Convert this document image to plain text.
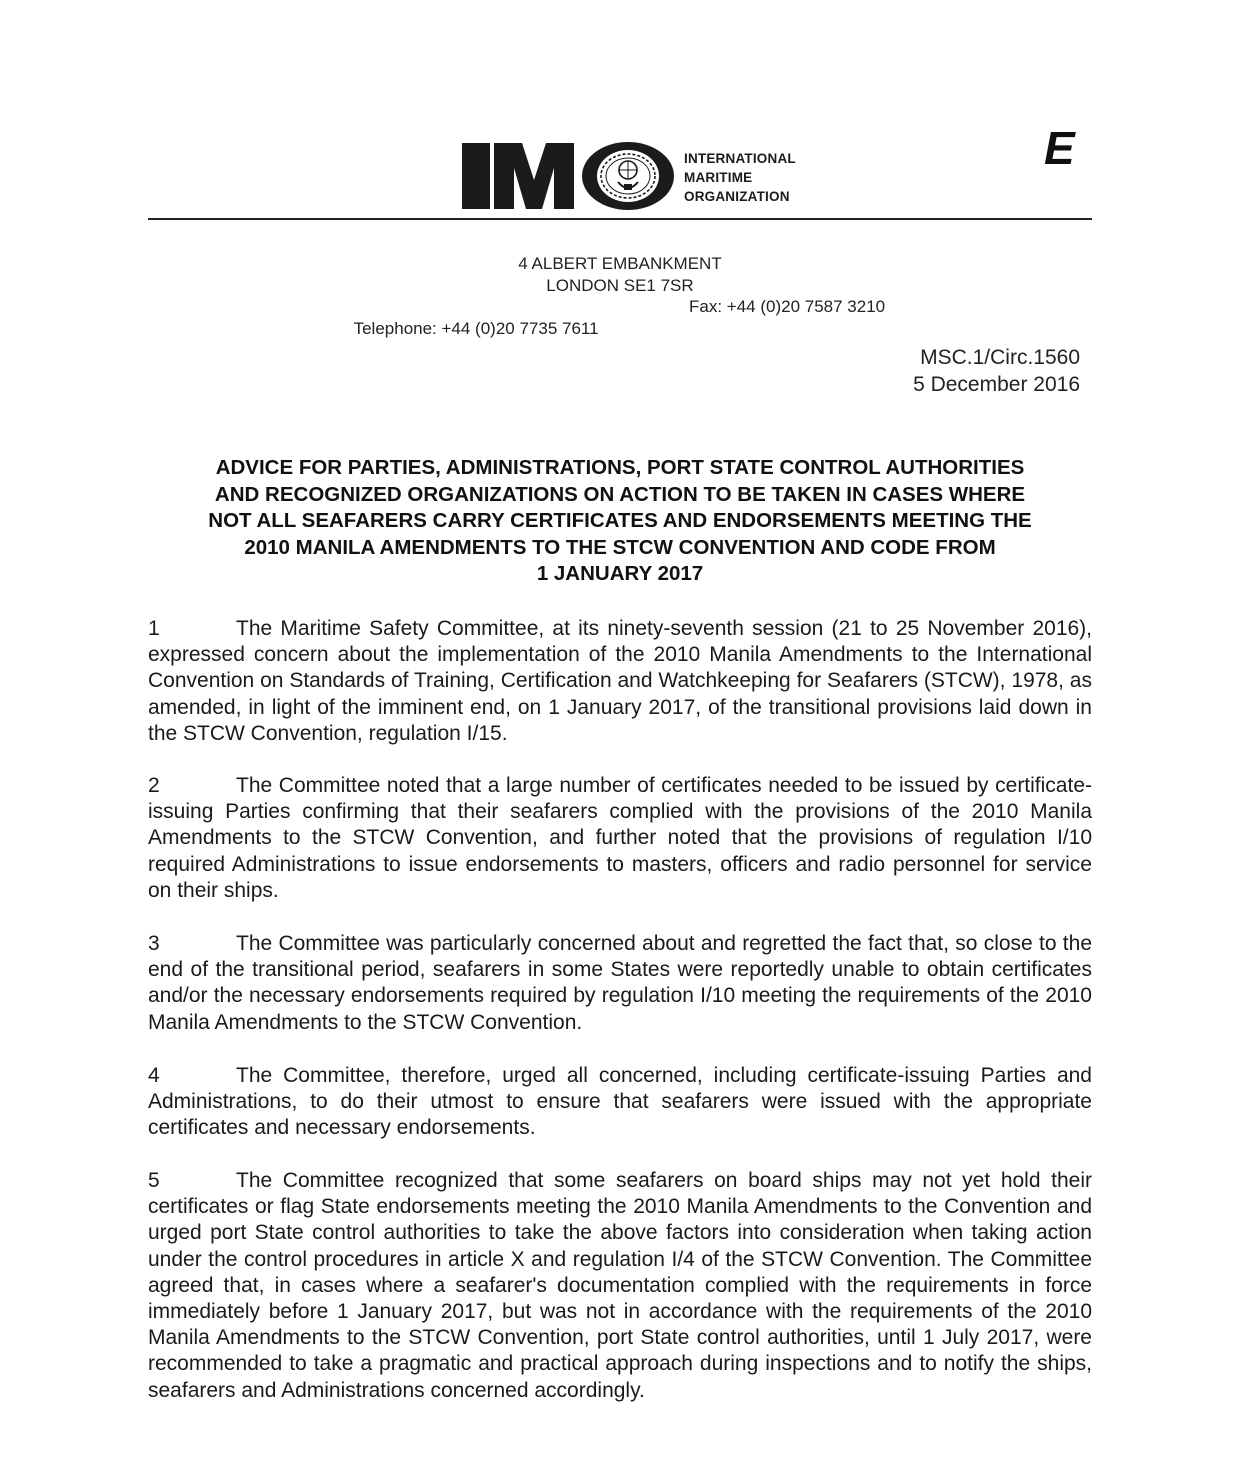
INTERNATIONAL
MARITIME
ORGANIZATION
E
4 ALBERT EMBANKMENT
LONDON SE1 7SR

Telephone: +44 (0)20 7735 7611

Fax: +44 (0)20 7587 3210

MSC.1/Circ.1560
5 December 2016
ADVICE FOR PARTIES, ADMINISTRATIONS, PORT STATE CONTROL AUTHORITIES
AND RECOGNIZED ORGANIZATIONS ON ACTION TO BE TAKEN IN CASES WHERE
NOT ALL SEAFARERS CARRY CERTIFICATES AND ENDORSEMENTS MEETING THE
2010 MANILA AMENDMENTS TO THE STCW CONVENTION AND CODE FROM
1 JANUARY 2017
1	The Maritime Safety Committee, at its ninety-seventh session (21 to 25 November 2016), expressed concern about the implementation of the 2010 Manila Amendments to the International Convention on Standards of Training, Certification and Watchkeeping for Seafarers (STCW), 1978, as amended, in light of the imminent end, on 1 January 2017, of the transitional provisions laid down in the STCW Convention, regulation I/15.
2	The Committee noted that a large number of certificates needed to be issued by certificate-issuing Parties confirming that their seafarers complied with the provisions of the 2010 Manila Amendments to the STCW Convention, and further noted that the provisions of regulation I/10 required Administrations to issue endorsements to masters, officers and radio personnel for service on their ships.
3	The Committee was particularly concerned about and regretted the fact that, so close to the end of the transitional period, seafarers in some States were reportedly unable to obtain certificates and/or the necessary endorsements required by regulation I/10 meeting the requirements of the 2010 Manila Amendments to the STCW Convention.
4	The Committee, therefore, urged all concerned, including certificate-issuing Parties and Administrations, to do their utmost to ensure that seafarers were issued with the appropriate certificates and necessary endorsements.
5	The Committee recognized that some seafarers on board ships may not yet hold their certificates or flag State endorsements meeting the 2010 Manila Amendments to the Convention and urged port State control authorities to take the above factors into consideration when taking action under the control procedures in article X and regulation I/4 of the STCW Convention. The Committee agreed that, in cases where a seafarer's documentation complied with the requirements in force immediately before 1 January 2017, but was not in accordance with the requirements of the 2010 Manila Amendments to the STCW Convention, port State control authorities, until 1 July 2017, were recommended to take a pragmatic and practical approach during inspections and to notify the ships, seafarers and Administrations concerned accordingly.
